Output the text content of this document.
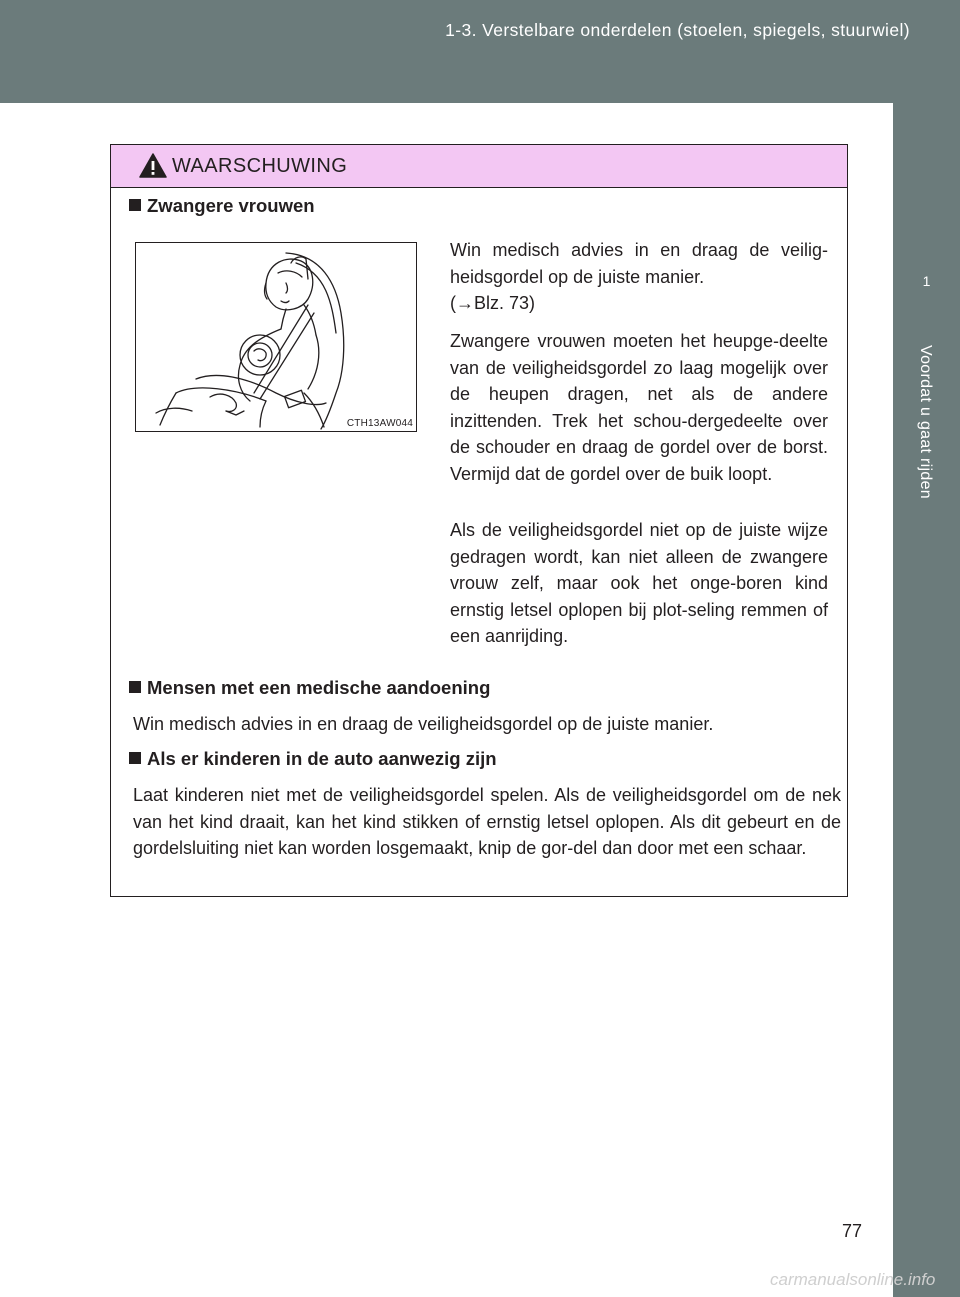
1-3. Verstelbare onderdelen (stoelen, spiegels, stuurwiel)
1
Voordat u gaat rijden
WAARSCHUWING
Zwangere vrouwen
CTH13AW044
Win medisch advies in en draag de veilig-heidsgordel op de juiste manier.
(→Blz. 73)
Zwangere vrouwen moeten het heupge-deelte van de veiligheidsgordel zo laag mogelijk over de heupen dragen, net als de andere inzittenden. Trek het schou-dergedeelte over de schouder en draag de gordel over de borst. Vermijd dat de gordel over de buik loopt.
Als de veiligheidsgordel niet op de juiste wijze gedragen wordt, kan niet alleen de zwangere vrouw zelf, maar ook het onge-boren kind ernstig letsel oplopen bij plot-seling remmen of een aanrijding.
Mensen met een medische aandoening
Win medisch advies in en draag de veiligheidsgordel op de juiste manier.
Als er kinderen in de auto aanwezig zijn
Laat kinderen niet met de veiligheidsgordel spelen. Als de veiligheidsgordel om de nek van het kind draait, kan het kind stikken of ernstig letsel oplopen. Als dit gebeurt en de gordelsluiting niet kan worden losgemaakt, knip de gor-del dan door met een schaar.
77
carmanualsonline.info
